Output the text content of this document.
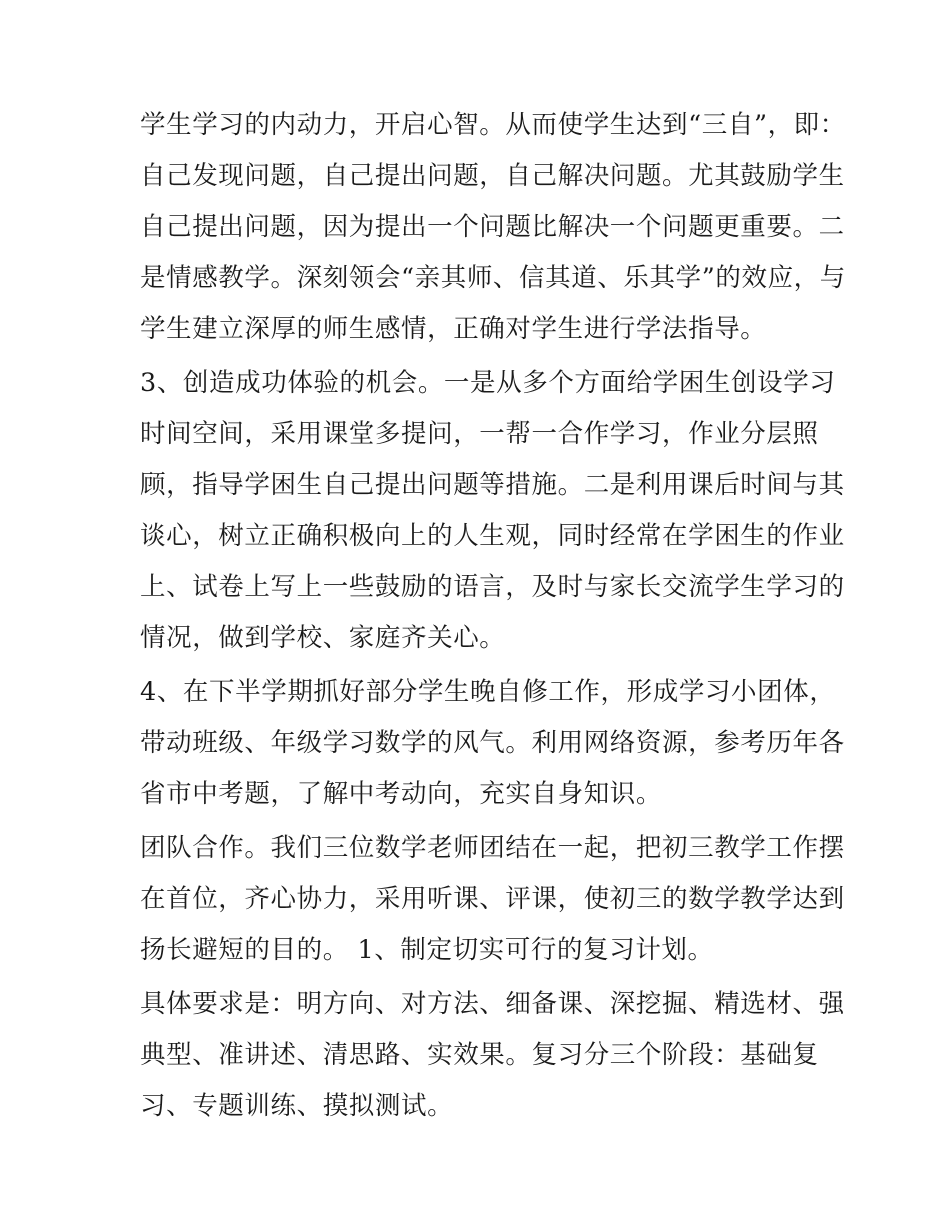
学生学习的内动力，开启心智。从而使学生达到“三自”，即：
自己发现问题，自己提出问题，自己解决问题。尤其鼓励学生
自己提出问题，因为提出一个问题比解决一个问题更重要。二
是情感教学。深刻领会“亲其师、信其道、乐其学”的效应，与
学生建立深厚的师生感情，正确对学生进行学法指导。
3、创造成功体验的机会。一是从多个方面给学困生创设学习
时间空间，采用课堂多提问，一帮一合作学习，作业分层照
顾，指导学困生自己提出问题等措施。二是利用课后时间与其
谈心，树立正确积极向上的人生观，同时经常在学困生的作业
上、试卷上写上一些鼓励的语言，及时与家长交流学生学习的
情况，做到学校、家庭齐关心。
4、在下半学期抓好部分学生晚自修工作，形成学习小团体，
带动班级、年级学习数学的风气。利用网络资源，参考历年各
省市中考题，了解中考动向，充实自身知识。
团队合作。我们三位数学老师团结在一起，把初三教学工作摆
在首位，齐心协力，采用听课、评课，使初三的数学教学达到
扬长避短的目的。 1、制定切实可行的复习计划。
具体要求是：明方向、对方法、细备课、深挖掘、精选材、强
典型、准讲述、清思路、实效果。复习分三个阶段：基础复
习、专题训练、摸拟测试。
